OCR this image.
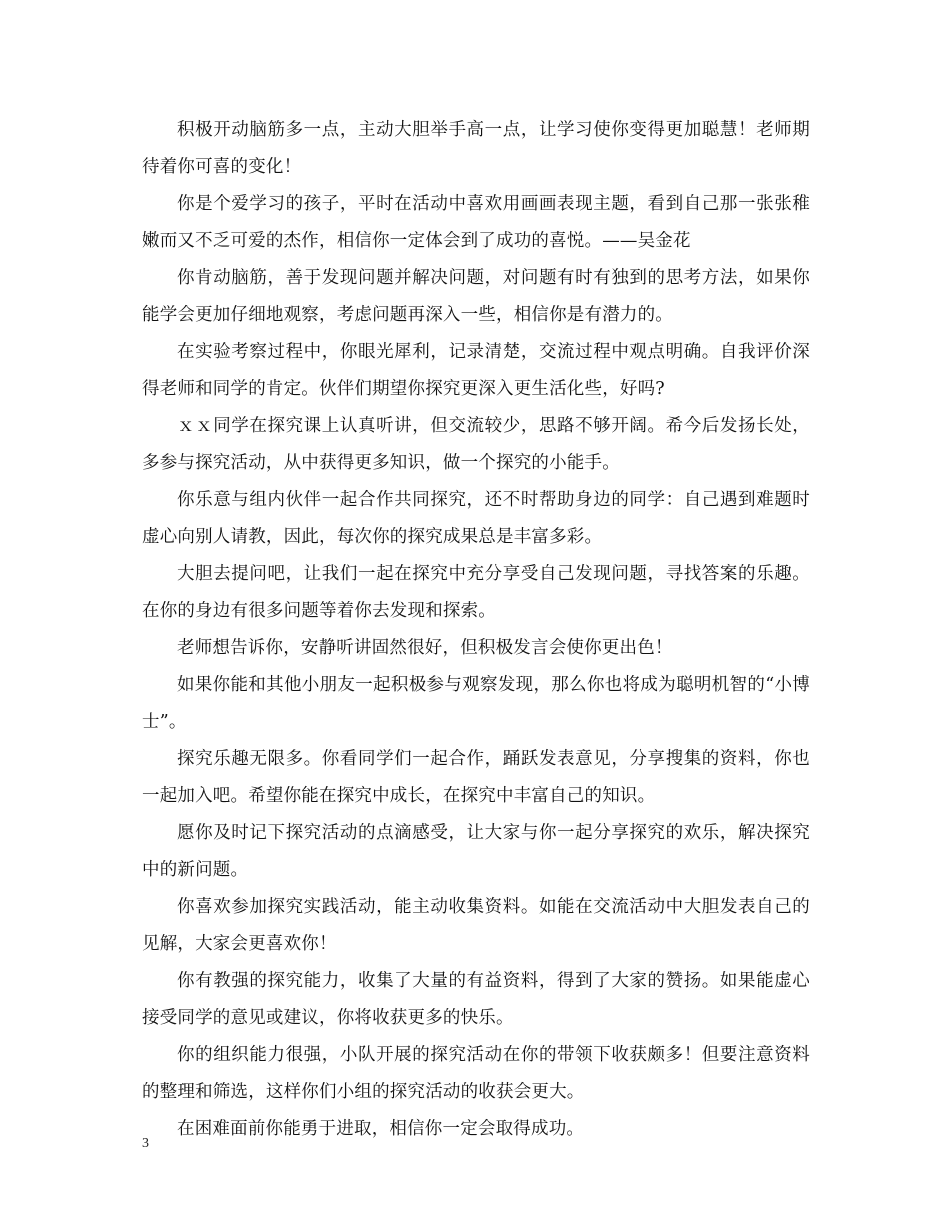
积极开动脑筋多一点，主动大胆举手高一点，让学习使你变得更加聪慧！老师期待着你可喜的变化！

你是个爱学习的孩子，平时在活动中喜欢用画画表现主题，看到自己那一张张稚嫩而又不乏可爱的杰作，相信你一定体会到了成功的喜悦。——吴金花

你肯动脑筋，善于发现问题并解决问题，对问题有时有独到的思考方法，如果你能学会更加仔细地观察，考虑问题再深入一些，相信你是有潜力的。

在实验考察过程中，你眼光犀利，记录清楚，交流过程中观点明确。自我评价深得老师和同学的肯定。伙伴们期望你探究更深入更生活化些，好吗?

ｘｘ同学在探究课上认真听讲，但交流较少，思路不够开阔。希今后发扬长处，多参与探究活动，从中获得更多知识，做一个探究的小能手。

你乐意与组内伙伴一起合作共同探究，还不时帮助身边的同学：自己遇到难题时虚心向别人请教，因此，每次你的探究成果总是丰富多彩。

大胆去提问吧，让我们一起在探究中充分享受自己发现问题，寻找答案的乐趣。在你的身边有很多问题等着你去发现和探索。

老师想告诉你，安静听讲固然很好，但积极发言会使你更出色！

如果你能和其他小朋友一起积极参与观察发现，那么你也将成为聪明机智的“小博士”。

探究乐趣无限多。你看同学们一起合作，踊跃发表意见，分享搜集的资料，你也一起加入吧。希望你能在探究中成长，在探究中丰富自己的知识。

愿你及时记下探究活动的点滴感受，让大家与你一起分享探究的欢乐，解决探究中的新问题。

你喜欢参加探究实践活动，能主动收集资料。如能在交流活动中大胆发表自己的见解，大家会更喜欢你！

你有教强的探究能力，收集了大量的有益资料，得到了大家的赞扬。如果能虚心接受同学的意见或建议，你将收获更多的快乐。

你的组织能力很强，小队开展的探究活动在你的带领下收获颇多！但要注意资料的整理和筛选，这样你们小组的探究活动的收获会更大。

在困难面前你能勇于进取，相信你一定会取得成功。

3
